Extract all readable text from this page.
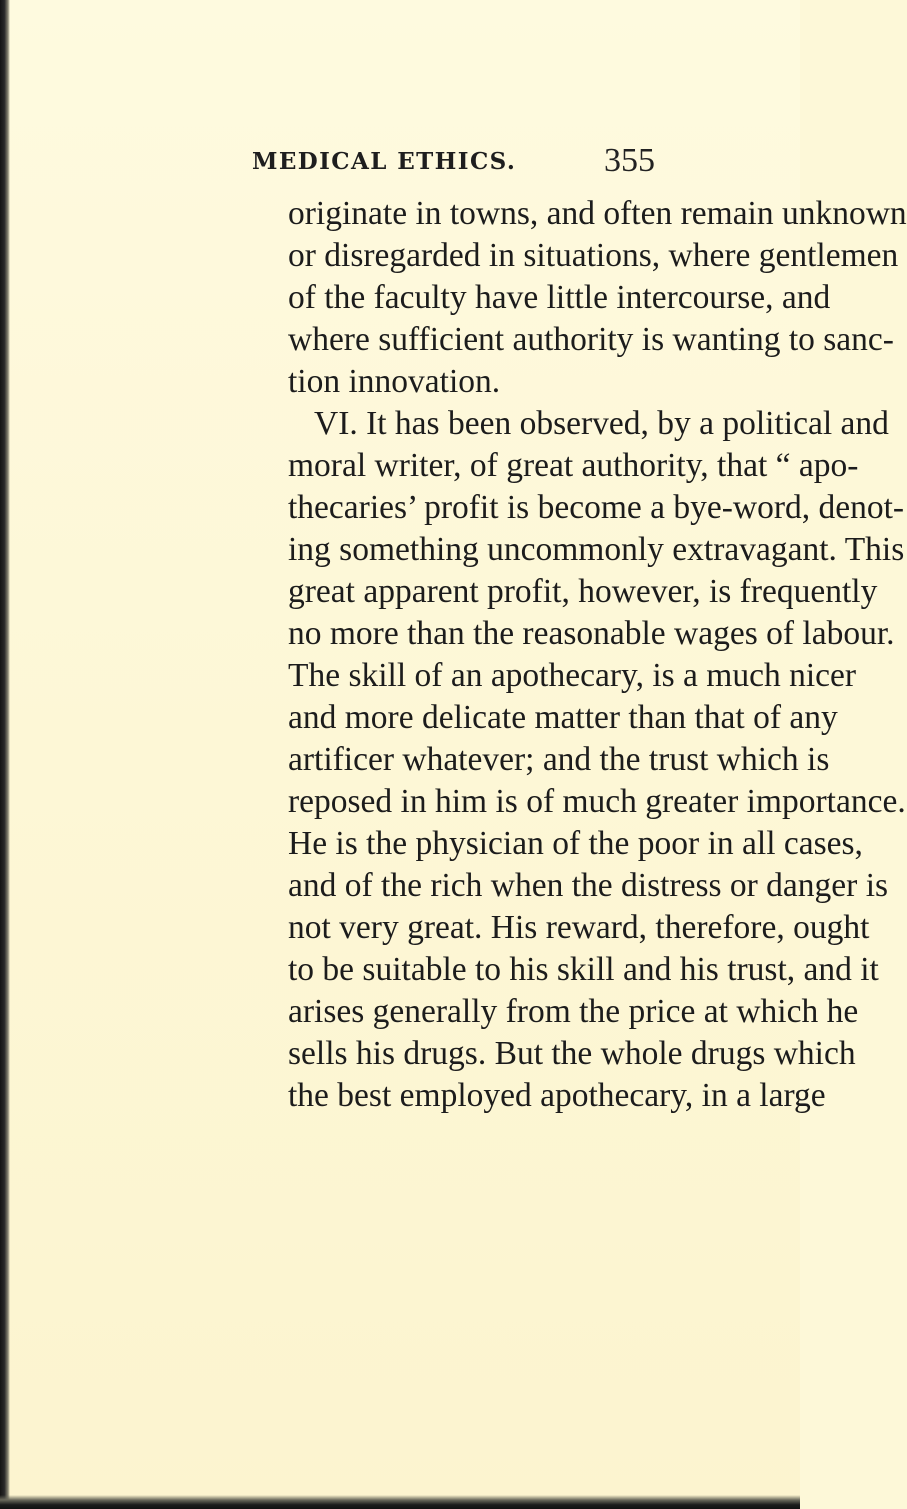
MEDICAL ETHICS.	355
originate in towns, and often remain unknown
or disregarded in situations, where gentlemen
of the faculty have little intercourse, and
where sufficient authority is wanting to sanc-
tion innovation.
VI. It has been observed, by a political and
moral writer, of great authority, that “ apo-
thecaries’ profit is become a bye-word, denot-
ing something uncommonly extravagant. This
great apparent profit, however, is frequently
no more than the reasonable wages of labour.
The skill of an apothecary, is a much nicer
and more delicate matter than that of any
artificer whatever; and the trust which is
reposed in him is of much greater importance.
He is the physician of the poor in all cases,
and of the rich when the distress or danger is
not very great. His reward, therefore, ought
to be suitable to his skill and his trust, and it
arises generally from the price at which he
sells his drugs. But the whole drugs which
the best employed apothecary, in a large
